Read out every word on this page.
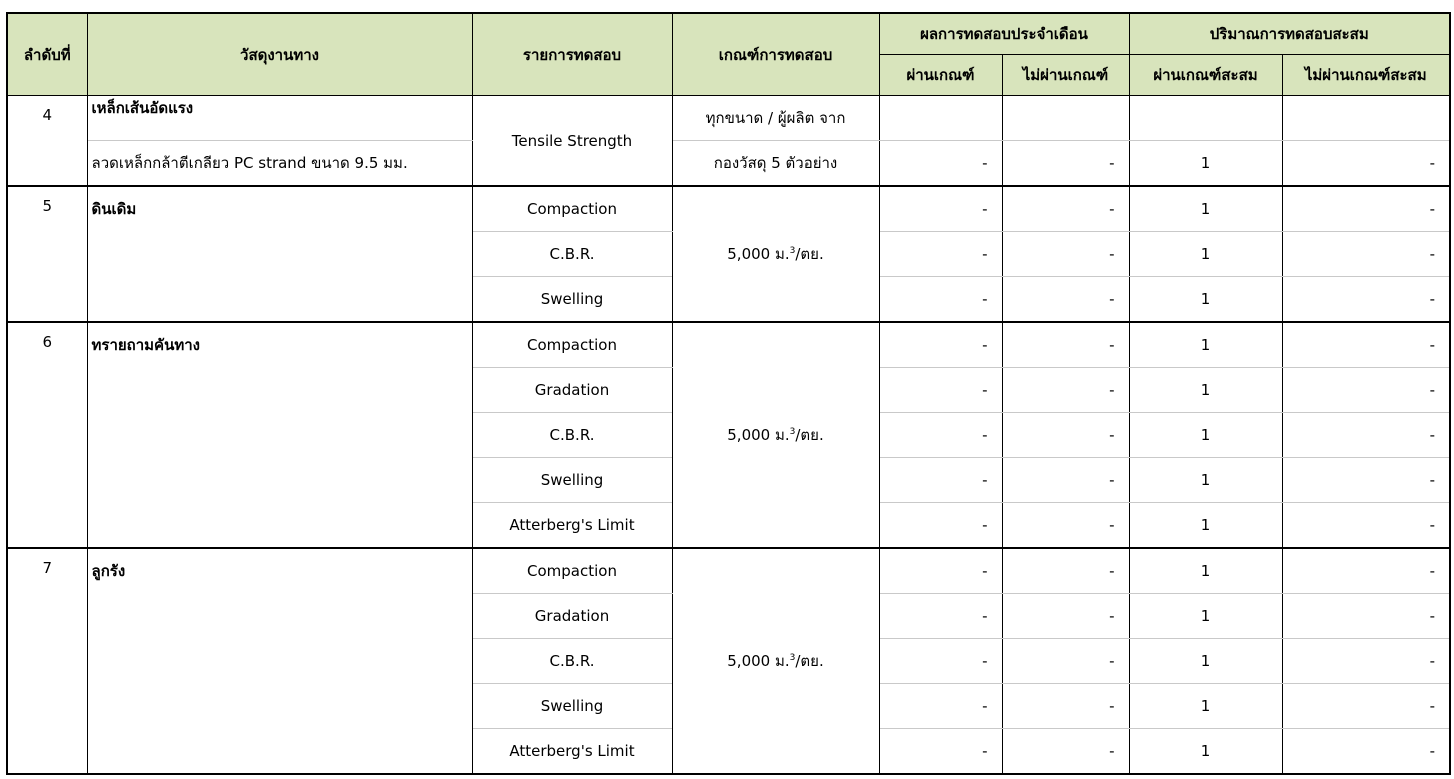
ลำดับที่	วัสดุงานทาง	รายการทดสอบ	เกณฑ์การทดสอบ	ผลการทดสอบประจำเดือน		ปริมาณการทดสอบสะสม	
				ผ่านเกณฑ์	ไม่ผ่านเกณฑ์	ผ่านเกณฑ์สะสม	ไม่ผ่านเกณฑ์สะสม
4	เหล็กเส้นอัดแรง	Tensile Strength	ทุกขนาด / ผู้ผลิต จาก				
	ลวดเหล็กกล้าตีเกลียว PC strand ขนาด 9.5 มม.		กองวัสดุ 5 ตัวอย่าง	-	-	1	-
5	ดินเดิม	Compaction	5,000 ม.$^3$/ตย.	-	-	1	-
		C.B.R.		-	-	1	-
		Swelling		-	-	1	-
6	ทรายถามคันทาง	Compaction	5,000 ม.$^3$/ตย.	-	-	1	-
		Gradation		-	-	1	-
		C.B.R.		-	-	1	-
		Swelling		-	-	1	-
		Atterberg's Limit		-	-	1	-
7	ลูกรัง	Compaction	5,000 ม.$^3$/ตย.	-	-	1	-
		Gradation		-	-	1	-
		C.B.R.		-	-	1	-
		Swelling		-	-	1	-
		Atterberg's Limit		-	-	1	-
